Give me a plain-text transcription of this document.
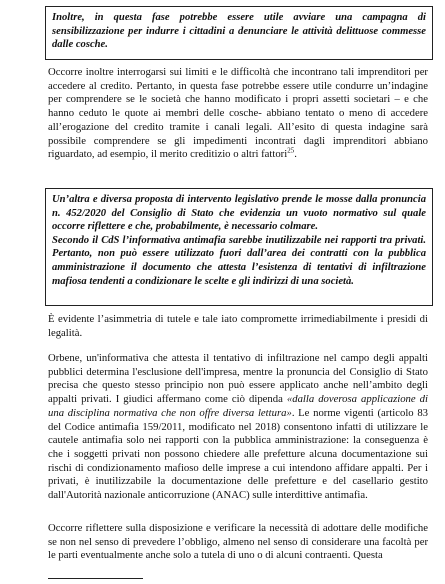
Inoltre, in questa fase potrebbe essere utile avviare una campagna di sensibilizzazione per indurre i cittadini a denunciare le attività delittuose commesse dalle cosche.

Occorre inoltre interrogarsi sui limiti e le difficoltà che incontrano tali imprenditori per accedere al credito. Pertanto, in questa fase potrebbe essere utile condurre un’indagine per comprendere se le società che hanno modificato i propri assetti societari – e che hanno ceduto le quote ai membri delle cosche- abbiano tentato o meno di accedere all’erogazione del credito tramite i canali legali. All’esito di questa indagine sarà possibile comprendere se gli impedimenti incontrati dagli imprenditori abbiano riguardato, ad esempio, il merito creditizio o altri fattori$^{25}$.

Un’altra e diversa proposta di intervento legislativo prende le mosse dalla pronuncia n. 452/2020 del Consiglio di Stato che evidenzia un vuoto normativo sul quale occorre riflettere e che, probabilmente, è necessario colmare.

Secondo il CdS l’informativa antimafia sarebbe inutilizzabile nei rapporti tra privati. Pertanto, non può essere utilizzato fuori dall’area dei contratti con la pubblica amministrazione il documento che attesta l’esistenza di tentativi di infiltrazione mafiosa tendenti a condizionare le scelte e gli indirizzi di una società.

È evidente l’asimmetria di tutele e tale iato compromette irrimediabilmente i presidi di legalità.

Orbene, un'informativa che attesta il tentativo di infiltrazione nel campo degli appalti pubblici determina l'esclusione dell'impresa, mentre la pronuncia del Consiglio di Stato precisa che questo stesso principio non può essere applicato anche nell’ambito degli appalti privati. I giudici affermano come ciò dipenda «dalla doverosa applicazione di una disciplina normativa che non offre diversa lettura». Le norme vigenti (articolo 83 del Codice antimafia 159/2011, modificato nel 2018) consentono infatti di utilizzare le cautele antimafia solo nei rapporti con la pubblica amministrazione: la conseguenza è che i soggetti privati non possono chiedere alle prefetture alcuna documentazione sui rischi di condizionamento mafioso delle imprese a cui intendono affidare appalti. Per i privati, è inutilizzabile la documentazione delle prefetture e del casellario gestito dall'Autorità nazionale anticorruzione (ANAC) sulle interdittive antimafia.

Occorre riflettere sulla disposizione e verificare la necessità di adottare delle modifiche se non nel senso di prevedere l’obbligo, almeno nel senso di considerare una facoltà per le parti eventualmente anche solo a tutela di uno o di alcuni contraenti. Questa
